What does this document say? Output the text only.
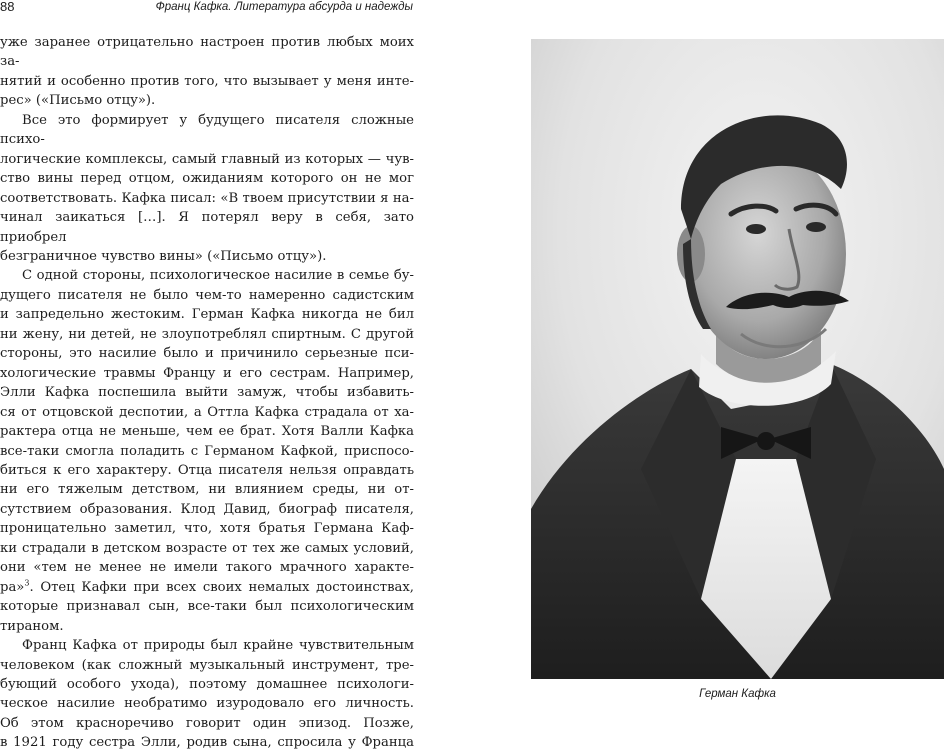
88	Франц Кафка. Литература абсурда и надежды

уже заранее отрицательно настроен против любых моих за-

нятий и особенно против того, что вызывает у меня инте-

рес» («Письмо отцу»).

Все это формирует у будущего писателя сложные психо-

логические комплексы, самый главный из которых — чув-

ство вины перед отцом, ожиданиям которого он не мог

соответствовать. Кафка писал: «В твоем присутствии я на-

чинал заикаться […]. Я потерял веру в себя, зато приобрел

безграничное чувство вины» («Письмо отцу»).

С одной стороны, психологическое насилие в семье бу-

дущего писателя не было чем-то намеренно садистским

и запредельно жестоким. Герман Кафка никогда не бил

ни жену, ни детей, не злоупотреблял спиртным. С другой

стороны, это насилие было и причинило серьезные пси-

хологические травмы Францу и его сестрам. Например,

Элли Кафка поспешила выйти замуж, чтобы избавить-

ся от отцовской деспотии, а Оттла Кафка страдала от ха-

рактера отца не меньше, чем ее брат. Хотя Валли Кафка

все-таки смогла поладить с Германом Кафкой, приспосо-

биться к его характеру. Отца писателя нельзя оправдать

ни его тяжелым детством, ни влиянием среды, ни от-

сутствием образования. Клод Давид, биограф писателя,

проницательно заметил, что, хотя братья Германа Каф-

ки страдали в детском возрасте от тех же самых условий,

они «тем не менее не имели такого мрачного характе-

ра»$^3$. Отец Кафки при всех своих немалых достоинствах,

которые признавал сын, все-таки был психологическим

тираном.

Франц Кафка от природы был крайне чувствительным

человеком (как сложный музыкальный инструмент, тре-

бующий особого ухода), поэтому домашнее психологи-

ческое насилие необратимо изуродовало его личность.

Об этом красноречиво говорит один эпизод. Позже,

в 1921 году сестра Элли, родив сына, спросила у Франца

Герман Кафка
